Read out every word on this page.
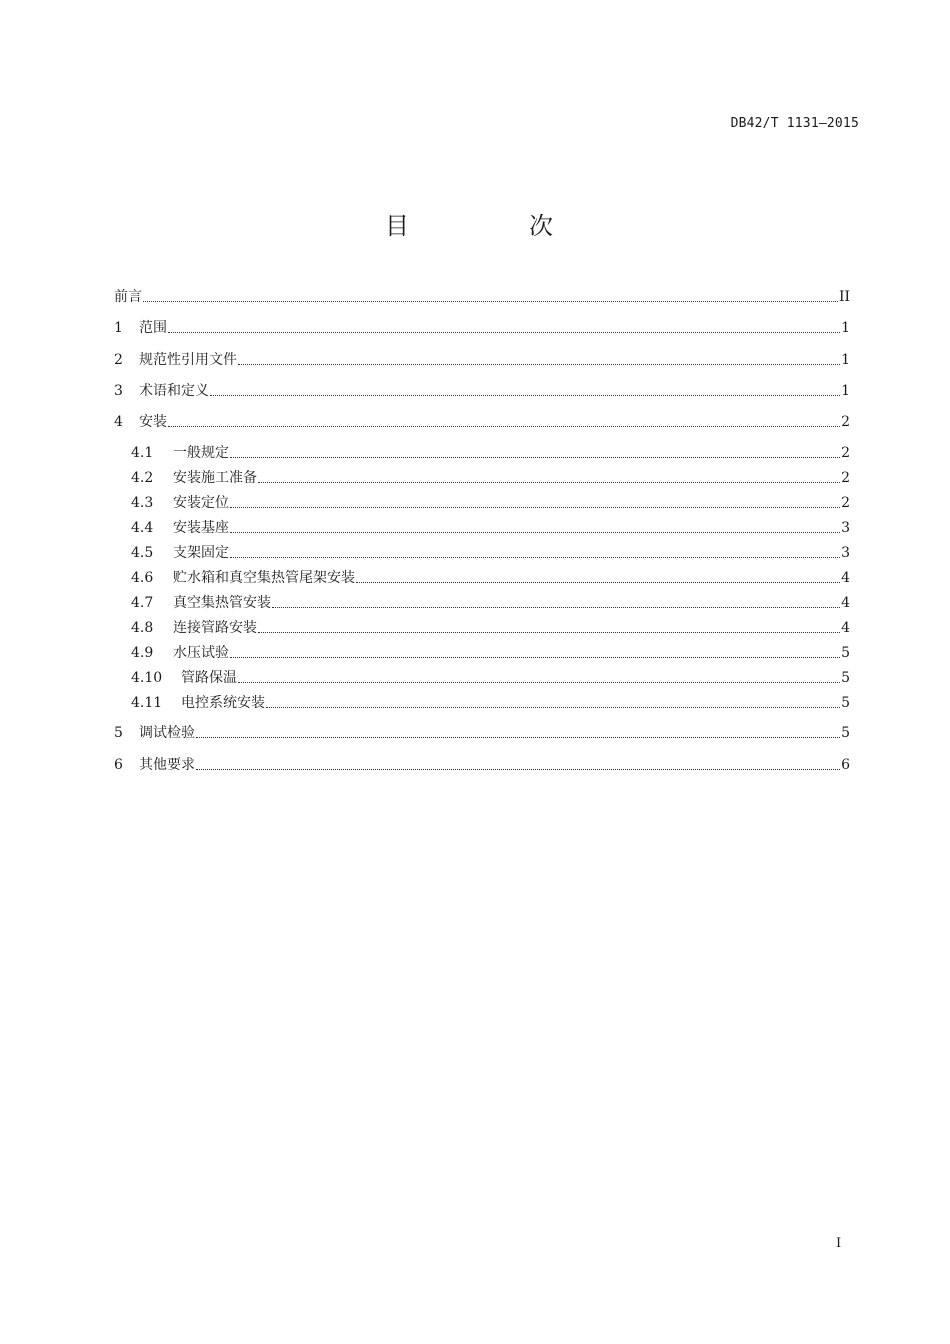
DB42/T 1131—2015
目　次
前言	II
1	范围	1
2	规范性引用文件	1
3	术语和定义	1
4	安装	2
4.1	一般规定	2
4.2	安装施工准备	2
4.3	安装定位	2
4.4	安装基座	3
4.5	支架固定	3
4.6	贮水箱和真空集热管尾架安装	4
4.7	真空集热管安装	4
4.8	连接管路安装	4
4.9	水压试验	5
4.10	管路保温	5
4.11	电控系统安装	5
5	调试检验	5
6	其他要求	6
I
